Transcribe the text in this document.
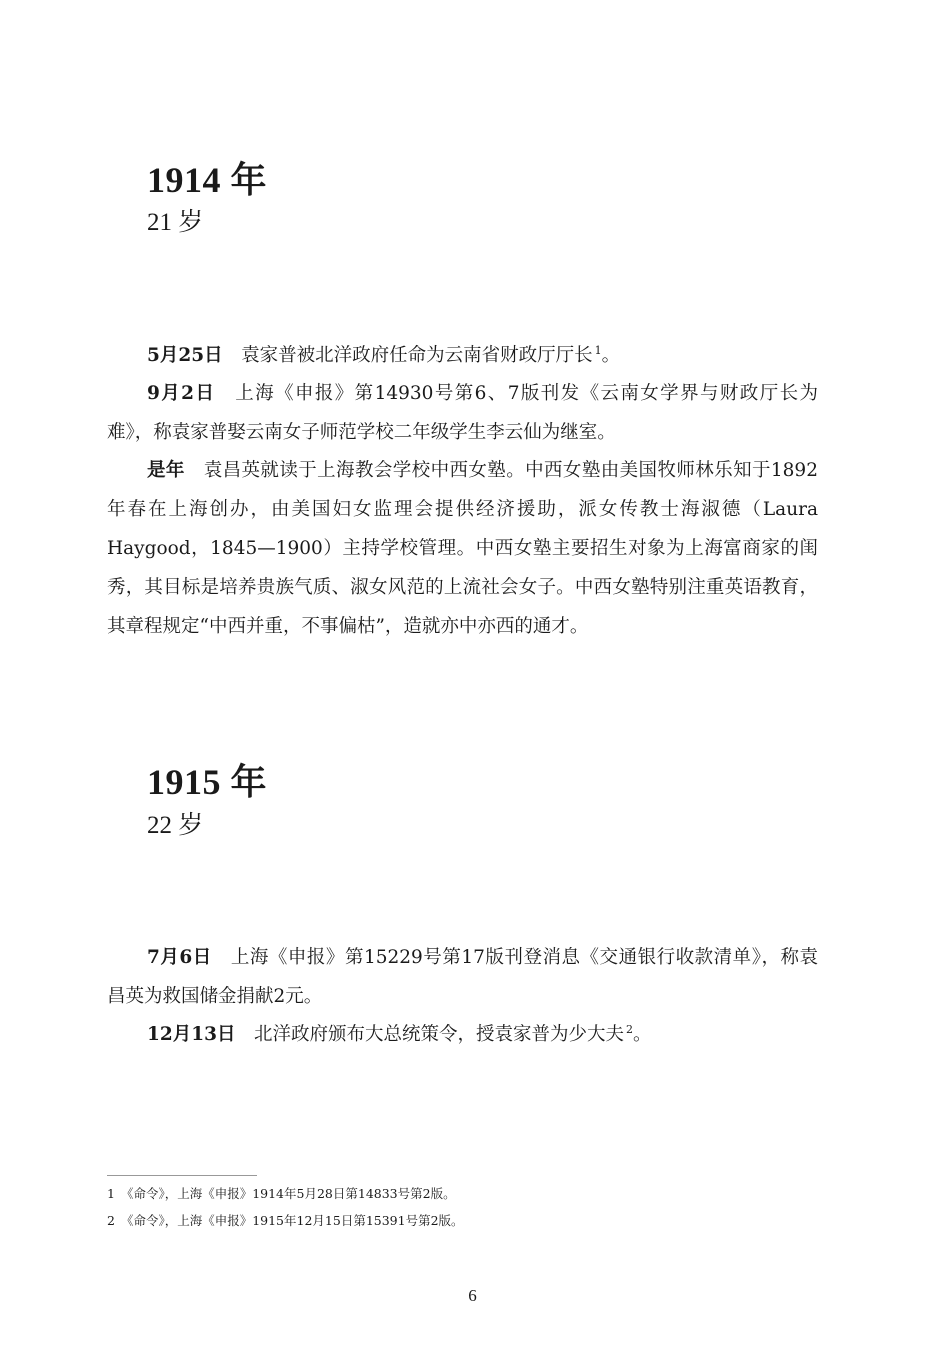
1914 年
21 岁

5月25日  袁家普被北洋政府任命为云南省财政厅厅长 $^1$。

9月2日  上海《申报》第14930号第6、7版刊发《云南女学界与财政厅长为难》，称袁家普娶云南女子师范学校二年级学生李云仙为继室。

是年  袁昌英就读于上海教会学校中西女塾。中西女塾由美国牧师林乐知于1892年春在上海创办，由美国妇女监理会提供经济援助，派女传教士海淑德（Laura Haygood，1845—1900）主持学校管理。中西女塾主要招生对象为上海富商家的闺秀，其目标是培养贵族气质、淑女风范的上流社会女子。中西女塾特别注重英语教育，其章程规定“中西并重，不事偏枯”，造就亦中亦西的通才。

1915 年
22 岁

7月6日  上海《申报》第15229号第17版刊登消息《交通银行收款清单》，称袁昌英为救国储金捐献2元。

12月13日  北洋政府颁布大总统策令，授袁家普为少大夫 $^2$。

1 《命令》，上海《申报》1914年5月28日第14833号第2版。
2 《命令》，上海《申报》1915年12月15日第15391号第2版。
6
